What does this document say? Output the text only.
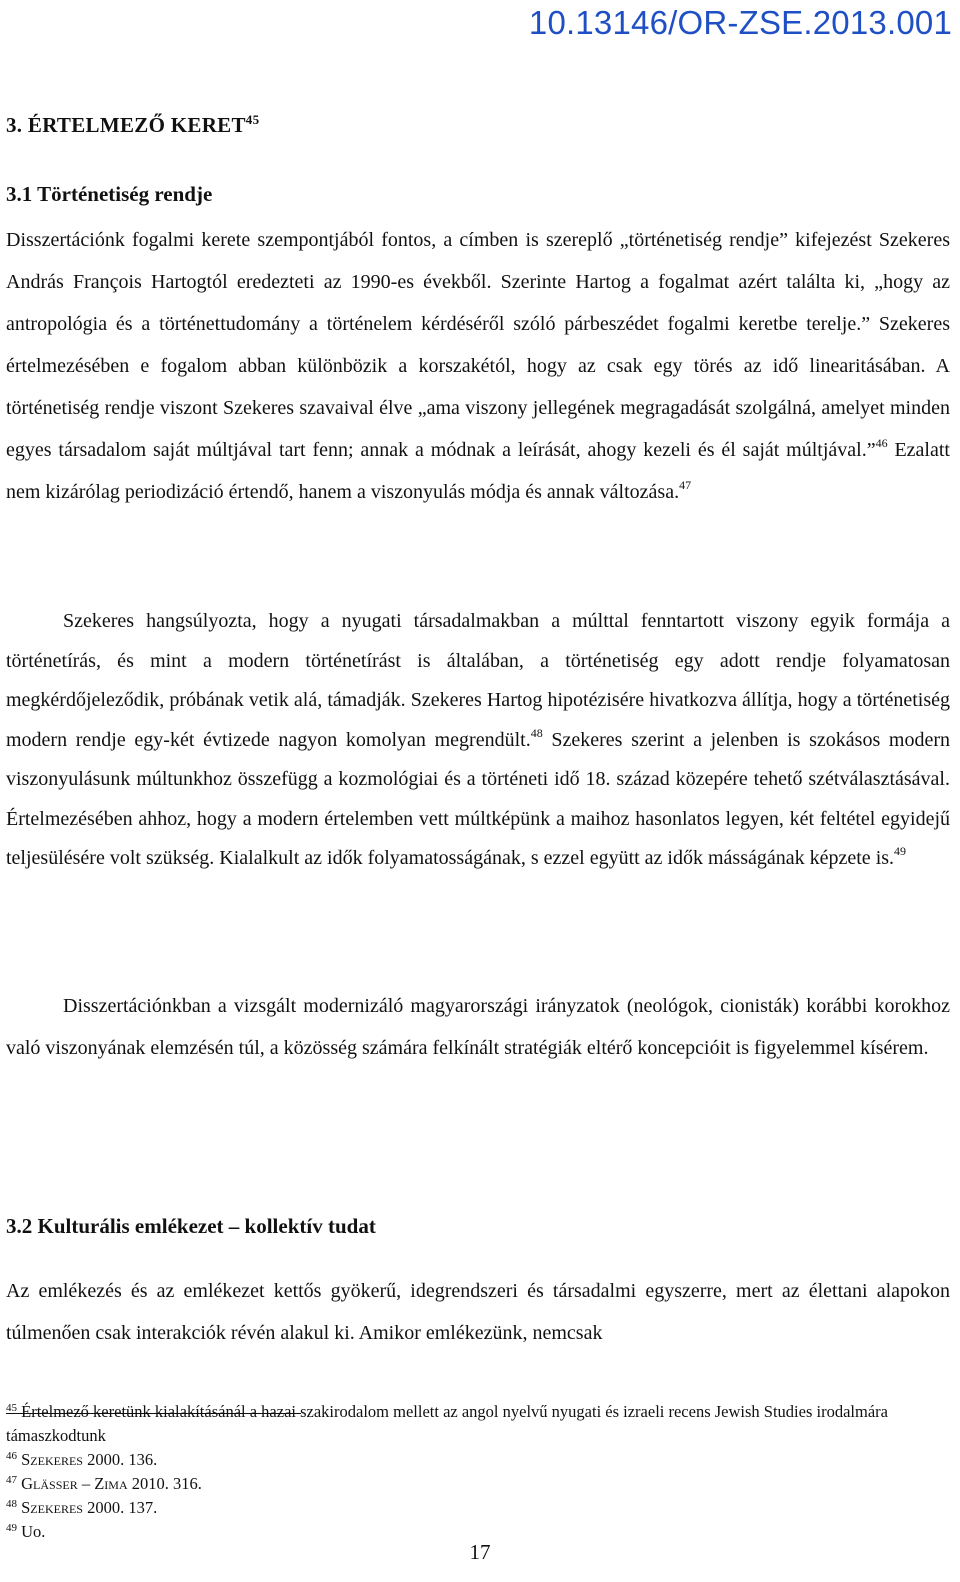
10.13146/OR-ZSE.2013.001
3. ÉRTELMEZŐ KERET$^{45}$
3.1 Történetiség rendje

Disszertációnk fogalmi kerete szempontjából fontos, a címben is szereplő „történetiség rendje” kifejezést Szekeres András François Hartogtól eredezteti az 1990-es évekből. Szerinte Hartog a fogalmat azért találta ki, „hogy az antropológia és a történettudomány a történelem kérdéséről szóló párbeszédet fogalmi keretbe terelje.” Szekeres értelmezésében e fogalom abban különbözik a korszakétól, hogy az csak egy törés az idő linearitásában. A történetiség rendje viszont Szekeres szavaival élve „ama viszony jellegének megragadását szolgálná, amelyet minden egyes társadalom saját múltjával tart fenn; annak a módnak a leírását, ahogy kezeli és él saját múltjával.”$^{46}$ Ezalatt nem kizárólag periodizáció értendő, hanem a viszonyulás módja és annak változása.$^{47}$

Szekeres hangsúlyozta, hogy a nyugati társadalmakban a múlttal fenntartott viszony egyik formája a történetírás, és mint a modern történetírást is általában, a történetiség egy adott rendje folyamatosan megkérdőjeleződik, próbának vetik alá, támadják. Szekeres Hartog hipotézisére hivatkozva állítja, hogy a történetiség modern rendje egy-két évtizede nagyon komolyan megrendült.$^{48}$ Szekeres szerint a jelenben is szokásos modern viszonyulásunk múltunkhoz összefügg a kozmológiai és a történeti idő 18. század közepére tehető szétválasztásával. Értelmezésében ahhoz, hogy a modern értelemben vett múltképünk a maihoz hasonlatos legyen, két feltétel egyidejű teljesülésére volt szükség. Kialalkult az idők folyamatosságának, s ezzel együtt az idők másságának képzete is.$^{49}$

Disszertációnkban a vizsgált modernizáló magyarországi irányzatok (neológok, cionisták) korábbi korokhoz való viszonyának elemzésén túl, a közösség számára felkínált stratégiák eltérő koncepcióit is figyelemmel kísérem.

3.2 Kulturális emlékezet – kollektív tudat

Az emlékezés és az emlékezet kettős gyökerű, idegrendszeri és társadalmi egyszerre, mert az élettani alapokon túlmenően csak interakciók révén alakul ki. Amikor emlékezünk, nemcsak

$^{45}$ Értelmező keretünk kialakításánál a hazai szakirodalom mellett az angol nyelvű nyugati és izraeli recens Jewish Studies irodalmára támaszkodtunk

$^{46}$ Szekeres 2000. 136.

$^{47}$ Glässer – Zima 2010. 316.

$^{48}$ Szekeres 2000. 137.

$^{49}$ Uo.

17
